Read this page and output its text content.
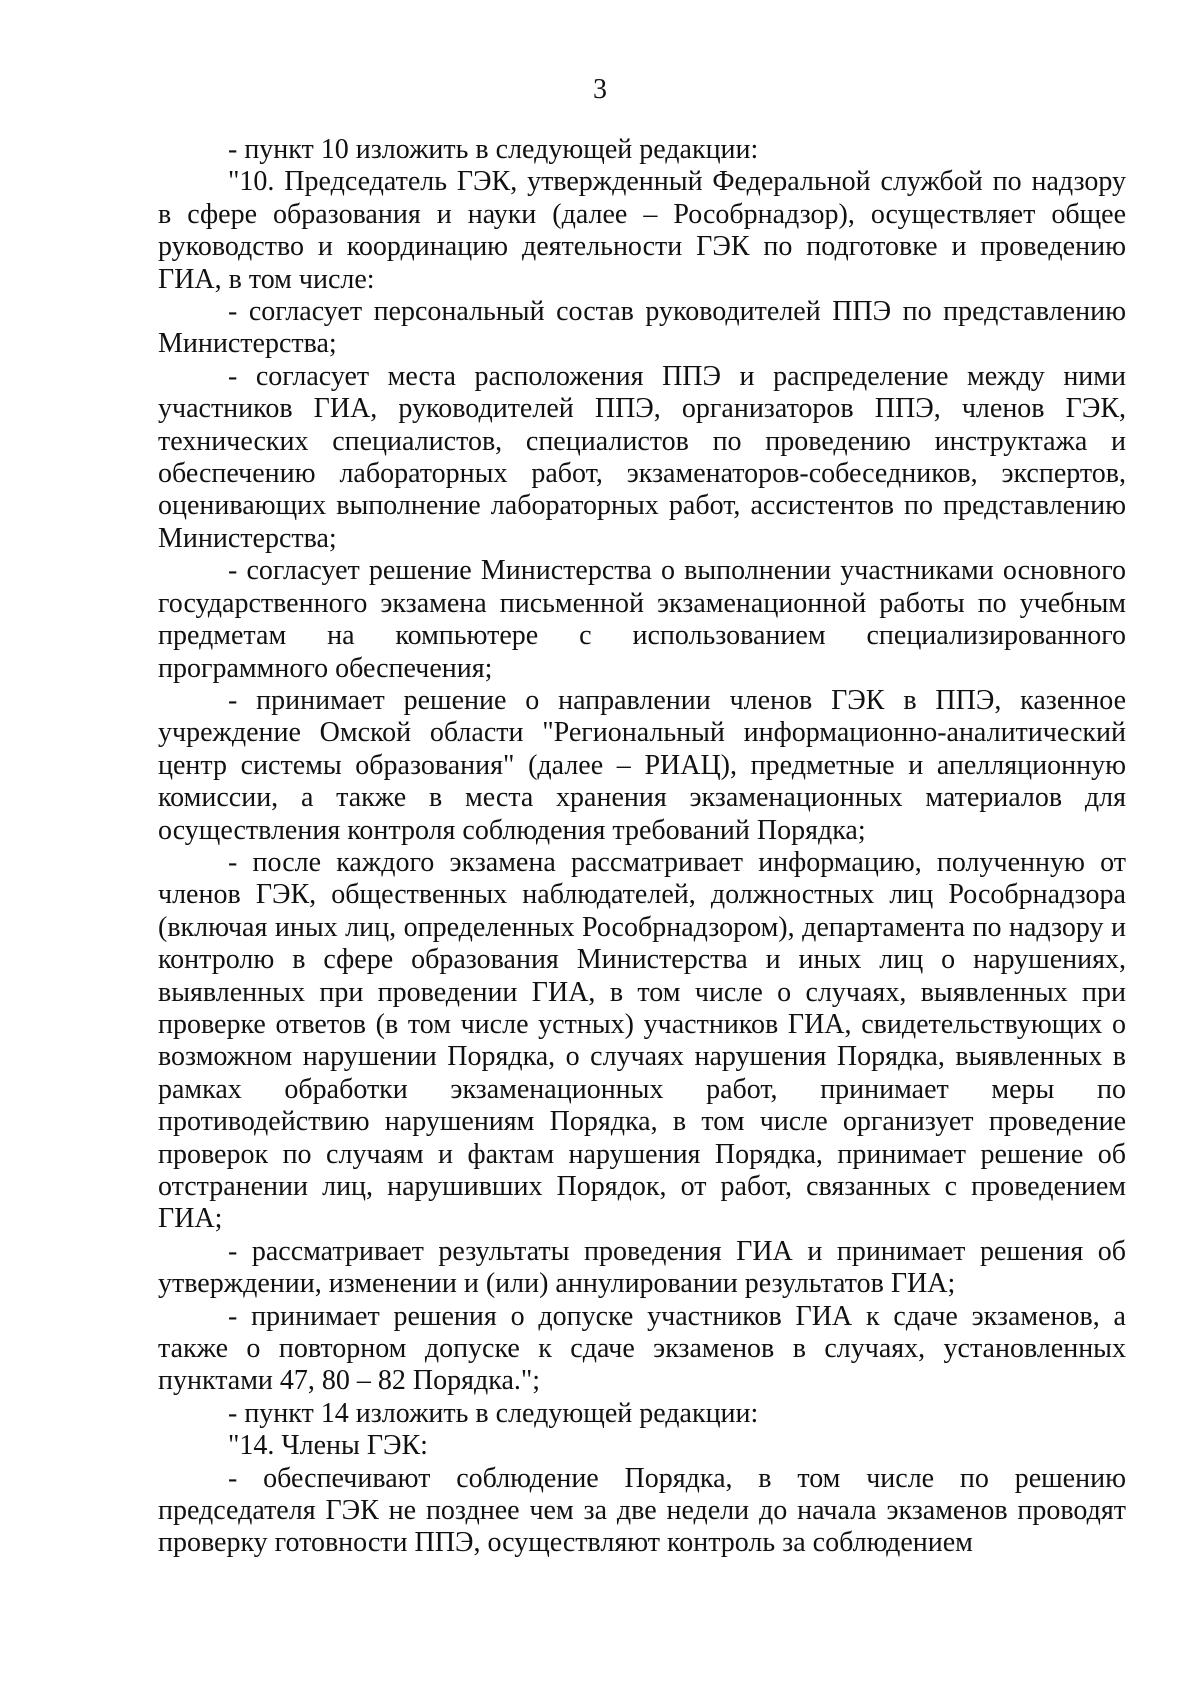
3

- пункт 10 изложить в следующей редакции:

"10. Председатель ГЭК, утвержденный Федеральной службой по надзору в сфере образования и науки (далее – Рособрнадзор), осуществляет общее руководство и координацию деятельности ГЭК по подготовке и проведению ГИА, в том числе:

- согласует персональный состав руководителей ППЭ по представлению Министерства;

- согласует места расположения ППЭ и распределение между ними участников ГИА, руководителей ППЭ, организаторов ППЭ, членов ГЭК, технических специалистов, специалистов по проведению инструктажа и обеспечению лабораторных работ, экзаменаторов-собеседников, экспертов, оценивающих выполнение лабораторных работ, ассистентов по представлению Министерства;

- согласует решение Министерства о выполнении участниками основного государственного экзамена письменной экзаменационной работы по учебным предметам на компьютере с использованием специализированного программного обеспечения;

- принимает решение о направлении членов ГЭК в ППЭ, казенное учреждение Омской области "Региональный информационно-аналитический центр системы образования" (далее – РИАЦ), предметные и апелляционную комиссии, а также в места хранения экзаменационных материалов для осуществления контроля соблюдения требований Порядка;

- после каждого экзамена рассматривает информацию, полученную от членов ГЭК, общественных наблюдателей, должностных лиц Рособрнадзора (включая иных лиц, определенных Рособрнадзором), департамента по надзору и контролю в сфере образования Министерства и иных лиц о нарушениях, выявленных при проведении ГИА, в том числе о случаях, выявленных при проверке ответов (в том числе устных) участников ГИА, свидетельствующих о возможном нарушении Порядка, о случаях нарушения Порядка, выявленных в рамках обработки экзаменационных работ, принимает меры по противодействию нарушениям Порядка, в том числе организует проведение проверок по случаям и фактам нарушения Порядка, принимает решение об отстранении лиц, нарушивших Порядок, от работ, связанных с проведением ГИА;

- рассматривает результаты проведения ГИА и принимает решения об утверждении, изменении и (или) аннулировании результатов ГИА;

- принимает решения о допуске участников ГИА к сдаче экзаменов, а также о повторном допуске к сдаче экзаменов в случаях, установленных пунктами 47, 80 – 82 Порядка.";

- пункт 14 изложить в следующей редакции:

"14. Члены ГЭК:

- обеспечивают соблюдение Порядка, в том числе по решению председателя ГЭК не позднее чем за две недели до начала экзаменов проводят проверку готовности ППЭ, осуществляют контроль за соблюдением
